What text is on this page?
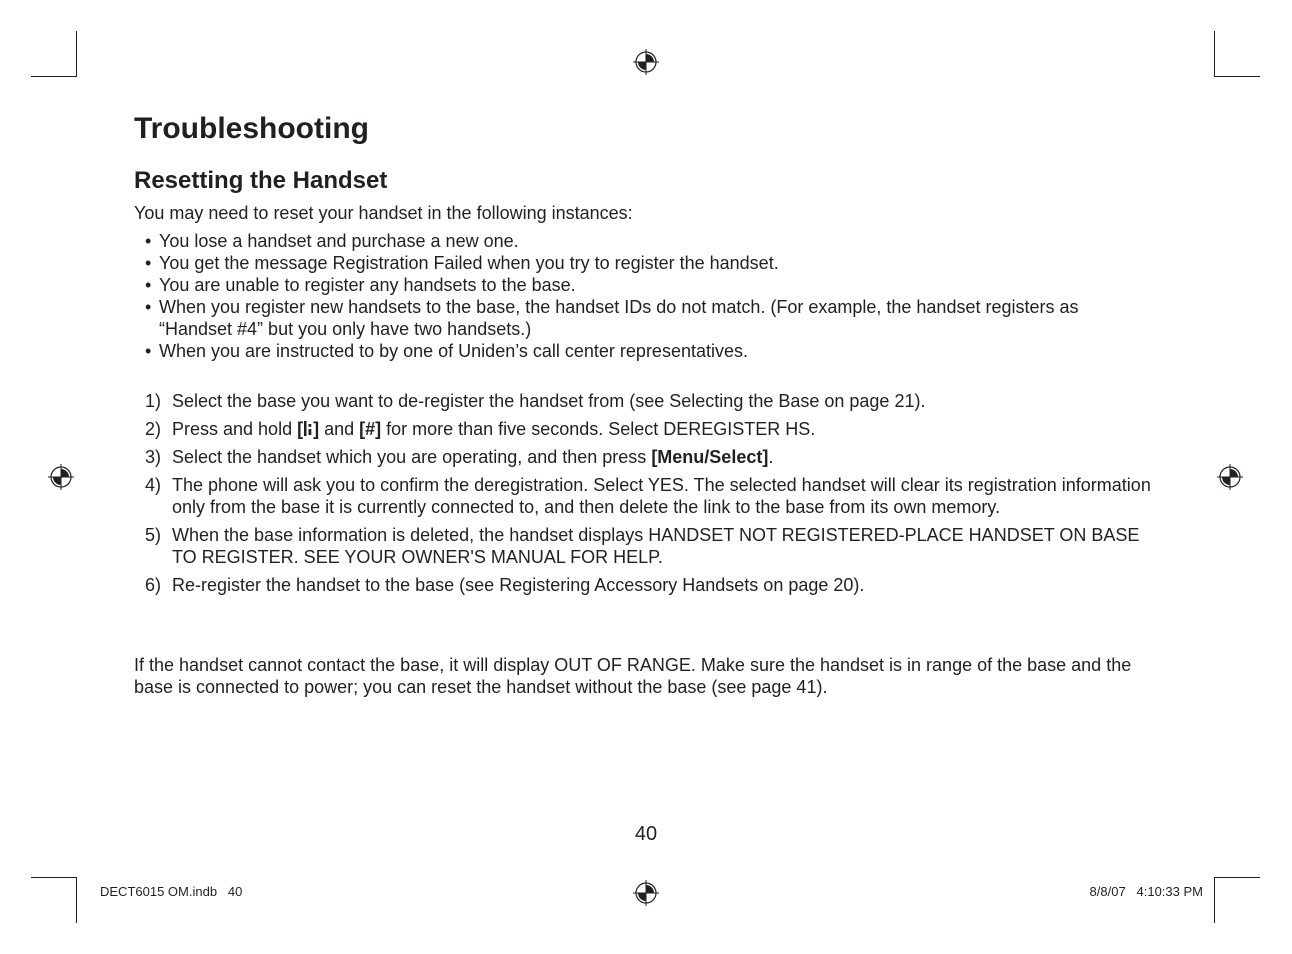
Troubleshooting
Resetting the Handset

You may need to reset your handset in the following instances:

• You lose a handset and purchase a new one.
• You get the message Registration Failed when you try to register the handset.
• You are unable to register any handsets to the base.
• When you register new handsets to the base, the handset IDs do not match. (For example, the handset registers as “Handset #4” but you only have two handsets.)
• When you are instructed to by one of Uniden’s call center representatives.
1) Select the base you want to de-register the handset from (see Selecting the Base on page 21).
2) Press and hold [ ] and [#] for more than five seconds. Select DEREGISTER HS.
3) Select the handset which you are operating, and then press [Menu/Select].
4) The phone will ask you to confirm the deregistration. Select YES. The selected handset will clear its registration information only from the base it is currently connected to, and then delete the link to the base from its own memory.
5) When the base information is deleted, the handset displays HANDSET NOT REGISTERED-PLACE HANDSET ON BASE TO REGISTER. SEE YOUR OWNER'S MANUAL FOR HELP.
6) Re-register the handset to the base (see Registering Accessory Handsets on page 20).

If the handset cannot contact the base, it will display OUT OF RANGE. Make sure the handset is in range of the base and the base is connected to power; you can reset the handset without the base (see page 41).

40
DECT6015 OM.indb   40	8/8/07   4:10:33 PM
